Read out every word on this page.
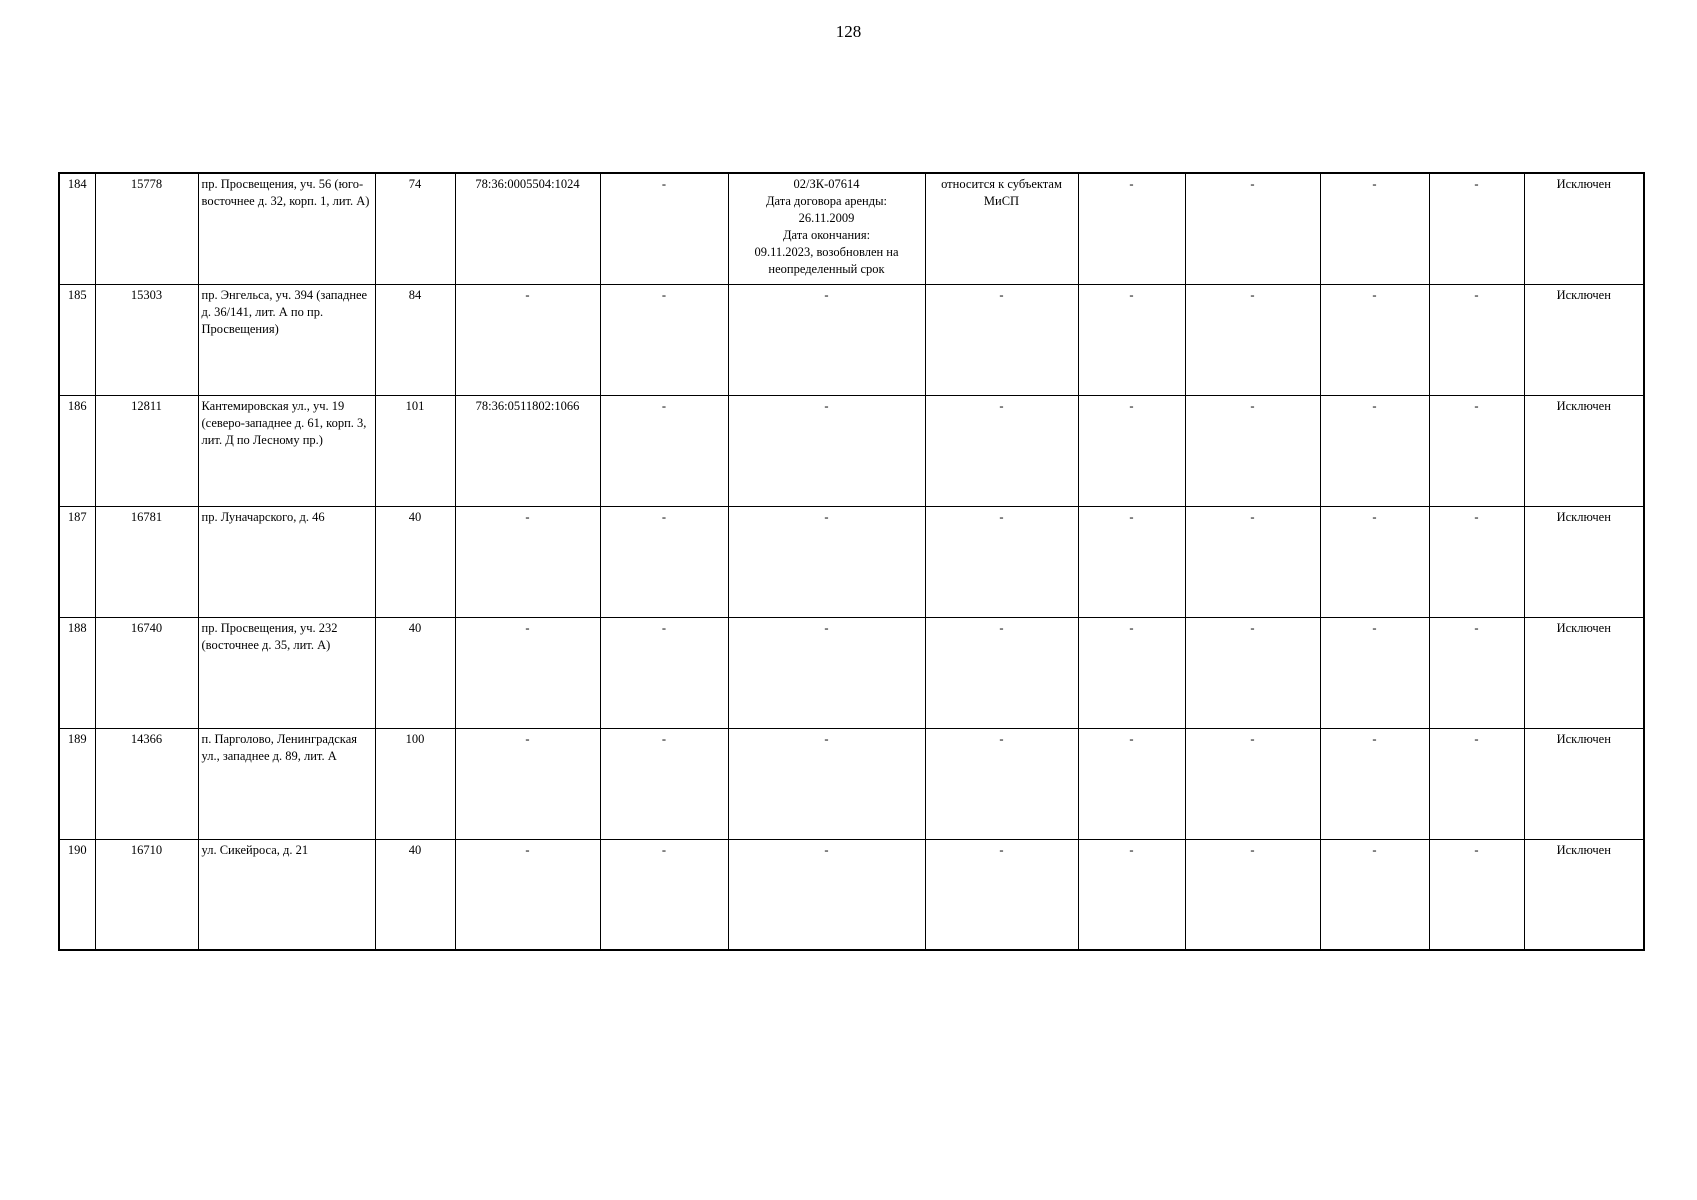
128
184	15778	пр. Просвещения, уч. 56 (юго-восточнее д. 32, корп. 1, лит. А)	74	78:36:0005504:1024	-	02/ЗК-07614
Дата договора аренды:
26.11.2009
Дата окончания:
09.11.2023, возобновлен на неопределенный срок	относится к субъектам МиСП	-	-	-	-	Исключен
185	15303	пр. Энгельса, уч. 394 (западнее д. 36/141, лит. А по пр. Просвещения)	84	-	-	-	-	-	-	-	-	Исключен
186	12811	Кантемировская ул., уч. 19 (северо-западнее д. 61, корп. 3, лит. Д по Лесному пр.)	101	78:36:0511802:1066	-	-	-	-	-	-	-	Исключен
187	16781	пр. Луначарского, д. 46	40	-	-	-	-	-	-	-	-	Исключен
188	16740	пр. Просвещения, уч. 232 (восточнее д. 35, лит. А)	40	-	-	-	-	-	-	-	-	Исключен
189	14366	п. Парголово, Ленинградская ул., западнее д. 89, лит. А	100	-	-	-	-	-	-	-	-	Исключен
190	16710	ул. Сикейроса, д. 21	40	-	-	-	-	-	-	-	-	Исключен
